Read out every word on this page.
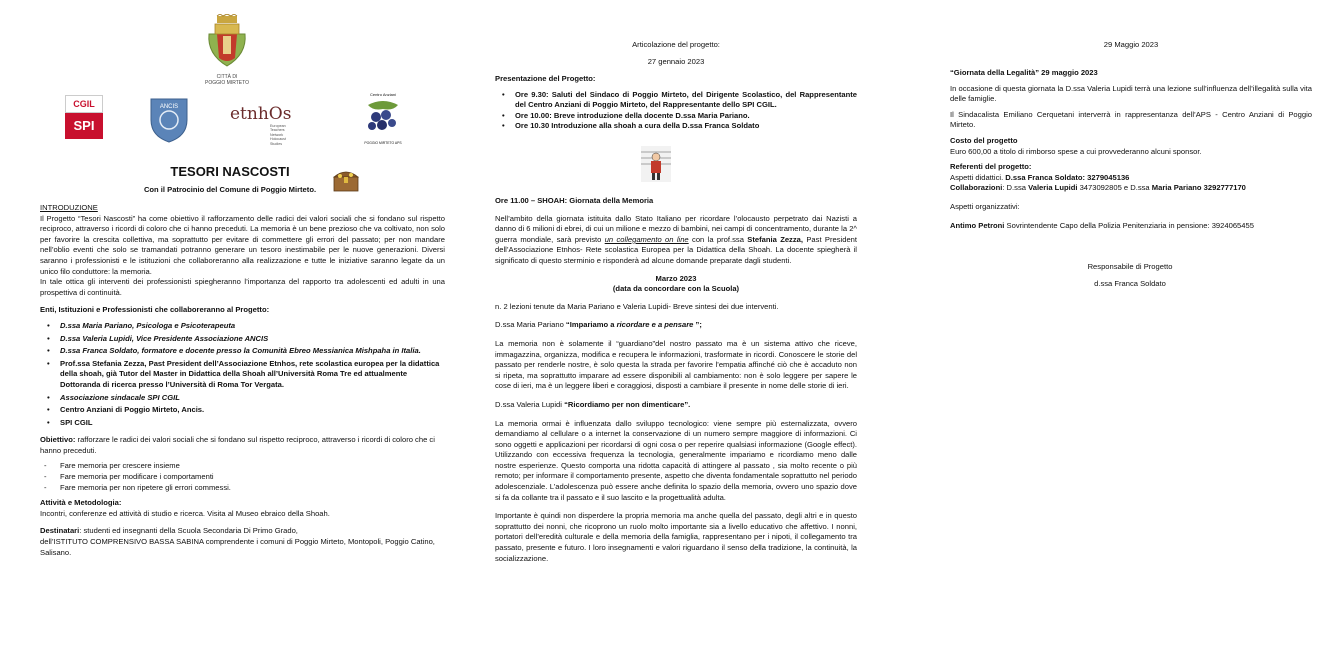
CITTÀ DI
POGGIO MIRTETO
CGIL
SPI
ANCIS	etnhOs
European Teachers Network Holocaust Studies
Centro Anziani
POGGIO MIRTETO APS
TESORI NASCOSTI
Con il Patrocinio del Comune di Poggio Mirteto.

INTRODUZIONE

Il Progetto “Tesori Nascosti” ha come obiettivo il rafforzamento delle radici dei valori sociali che si fondano sul rispetto reciproco, attraverso i ricordi di coloro che ci hanno preceduti. La memoria è un bene prezioso che va coltivato, non solo per favorire la crescita collettiva, ma soprattutto per evitare di commettere gli errori del passato; per non mandare nell’oblio eventi che solo se tramandati potranno generare un tesoro inestimabile per le nuove generazioni. Diversi saranno i professionisti e le istituzioni che collaboreranno alla realizzazione e tutte le iniziative saranno legate da un unico filo conduttore: la memoria.

In tale ottica gli interventi dei professionisti spiegheranno l’importanza del rapporto tra adolescenti ed adulti in una prospettiva di continuità.

Enti, Istituzioni e Professionisti che collaboreranno al Progetto:

• D.ssa Maria Pariano, Psicologa e Psicoterapeuta
• D.ssa Valeria Lupidi, Vice Presidente Associazione ANCIS
• D.ssa Franca Soldato, formatore e docente presso la Comunità Ebreo Messianica Mishpaha in Italia.
• Prof.ssa Stefania Zezza, Past President dell’Associazione Etnhos, rete scolastica europea per la didattica della shoah, già Tutor del Master in Didattica della Shoah all’Università Roma Tre ed attualmente Dottoranda di ricerca presso l’Università di Roma Tor Vergata.
• Associazione sindacale SPI CGIL
• Centro Anziani di Poggio Mirteto, Ancis.
• SPI CGIL

Obiettivo: rafforzare le radici dei valori sociali che si fondano sul rispetto reciproco, attraverso i ricordi di coloro che ci hanno preceduti.

- Fare memoria per crescere insieme
- Fare memoria per modificare i comportamenti
- Fare memoria per non ripetere gli errori commessi.

Attività e Metodologia:

Incontri, conferenze ed attività di studio e ricerca. Visita al Museo ebraico della Shoah.

Destinatari: studenti ed insegnanti della Scuola Secondaria Di Primo Grado,

dell’ISTITUTO COMPRENSIVO BASSA SABINA comprendente i comuni di Poggio Mirteto, Montopoli, Poggio Catino, Salisano.

Articolazione del progetto:
27 gennaio 2023

Presentazione del Progetto:

• Ore 9.30: Saluti del Sindaco di Poggio Mirteto, del Dirigente Scolastico, del Rappresentante del Centro Anziani di Poggio Mirteto, del Rappresentante dello SPI CGIL.
• Ore 10.00: Breve introduzione della docente D.ssa Maria Pariano.
• Ore 10.30 Introduzione alla shoah a cura della D.ssa Franca Soldato

Ore 11.00 – SHOAH: Giornata della Memoria

Nell’ambito della giornata istituita dallo Stato Italiano per ricordare l’olocausto perpetrato dai Nazisti a danno di 6 milioni di ebrei, di cui un milione e mezzo di bambini, nei campi di concentramento, durante la 2^ guerra mondiale, sarà previsto un collegamento on line con la prof.ssa Stefania Zezza, Past President dell’Associazione Etnhos- Rete scolastica Europea per la Didattica della Shoah. La docente spiegherà il significato di questo sterminio e risponderà ad alcune domande preparate dagli studenti.

Marzo 2023

(data da concordare con la Scuola)

n. 2 lezioni tenute da Maria Pariano e Valeria Lupidi- Breve sintesi dei due interventi.

D.ssa Maria Pariano “Impariamo a ricordare e a pensare ”;

La memoria non è solamente il “guardiano”del nostro passato ma è un sistema attivo che riceve, immagazzina, organizza, modifica e recupera le informazioni, trasformate in ricordi. Conoscere le storie del passato per renderle nostre, è solo questa la strada per favorire l’empatia affinché ciò che è accaduto non si ripeta, ma soprattutto imparare ad essere disponibili al cambiamento: non è solo leggere per sapere le cose di ieri, ma è un leggere liberi e coraggiosi, disposti a cambiare il presente in nome delle storie di ieri.

D.ssa Valeria Lupidi “Ricordiamo per non dimenticare”.

La memoria ormai è influenzata dallo sviluppo tecnologico: viene sempre più esternalizzata, ovvero demandiamo al cellulare o a internet la conservazione di un numero sempre maggiore di informazioni. Ci sono oggetti e applicazioni per ricordarsi di ogni cosa o per reperire qualsiasi informazione (Google effect). Utilizzando con eccessiva frequenza la tecnologia, generalmente impariamo e ricordiamo meno dalle nostre esperienze. Questo comporta una ridotta capacità di attingere al passato , sia molto recente o più remoto; per informare il comportamento presente, aspetto che diventa fondamentale soprattutto nel periodo adolescenziale. L’adolescenza può essere anche definita lo spazio della memoria, ovvero uno spazio dove si fa da collante tra il passato e il suo lascito e la progettualità adulta.

Importante è quindi non disperdere la propria memoria ma anche quella del passato, degli altri e in questo soprattutto dei nonni, che ricoprono un ruolo molto importante sia a livello educativo che affettivo. I nonni, portatori dell’eredità culturale e della memoria della famiglia, rappresentano per i nipoti, il collegamento tra passato, presente e futuro. I loro insegnamenti e valori riguardano il senso della tradizione, la continuità, la socializzazione.

29 Maggio 2023

“Giornata della Legalità” 29 maggio 2023

In occasione di questa giornata la D.ssa Valeria Lupidi terrà una lezione sull’influenza dell’illegalità sulla vita delle famiglie.

Il Sindacalista Emiliano Cerquetani interverrà in rappresentanza dell’APS - Centro Anziani di Poggio Mirteto.

Costo del progetto

Euro 600,00 a titolo di rimborso spese a cui provvederanno alcuni sponsor.

Referenti del progetto:

Aspetti didattici. D.ssa Franca Soldato: 3279045136

Collaborazioni: D.ssa Valeria Lupidi 3473092805 e D.ssa Maria Pariano 3292777170

Aspetti organizzativi:

Antimo Petroni Sovrintendente Capo della Polizia Penitenziaria in pensione: 3924065455

Responsabile di Progetto
d.ssa Franca Soldato
